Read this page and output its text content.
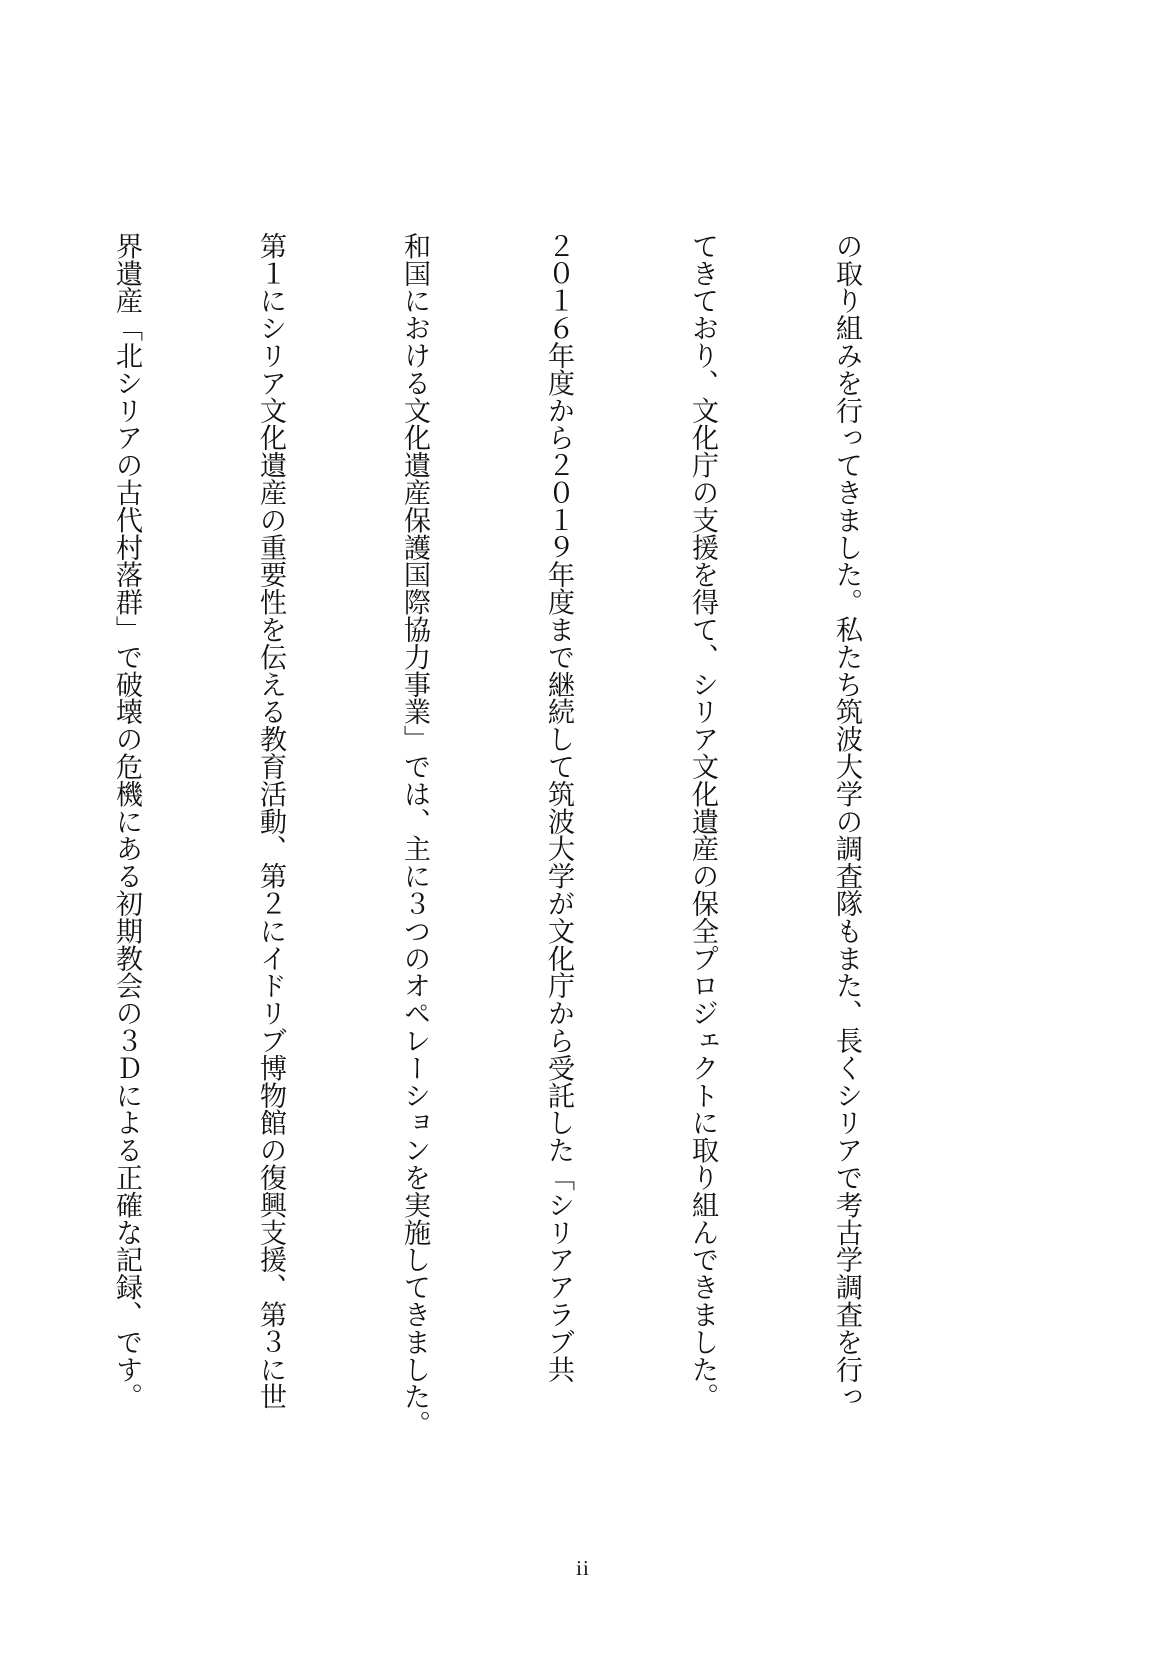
の取り組みを行ってきました。私たち筑波大学の調査隊もまた、長くシリアで考古学調査を行っ

てきており、文化庁の支援を得て、シリア文化遺産の保全プロジェクトに取り組んできました。

２０１６年度から２０１９年度まで継続して筑波大学が文化庁から受託した「シリアアラブ共

和国における文化遺産保護国際協力事業」では、主に３つのオペレーションを実施してきました。

第１にシリア文化遺産の重要性を伝える教育活動、第２にイドリブ博物館の復興支援、第３に世

界遺産「北シリアの古代村落群」で破壊の危機にある初期教会の３Ｄによる正確な記録、です。

ii
